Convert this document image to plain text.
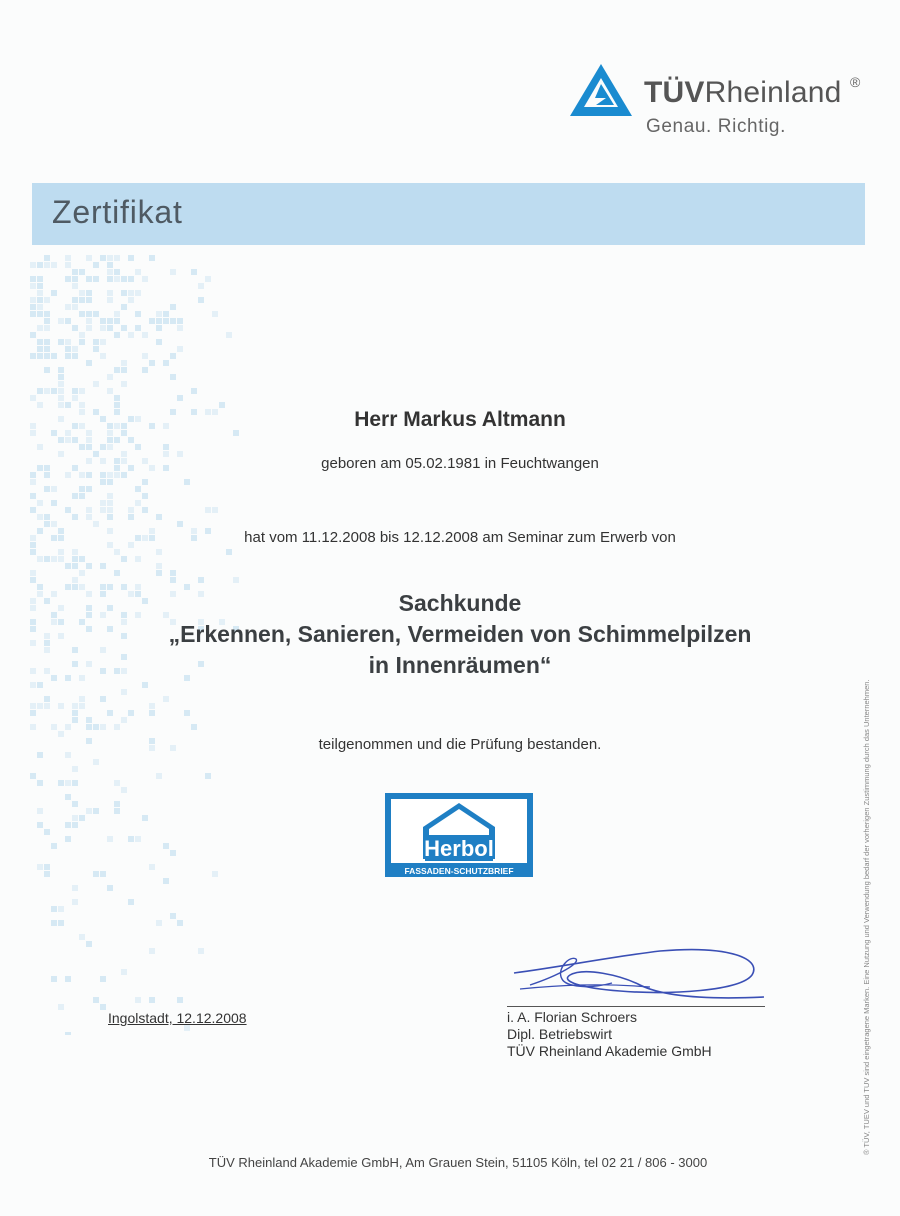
TÜVRheinland ®
Genau. Richtig.
Zertifikat
Herr Markus Altmann
geboren am 05.02.1981 in Feuchtwangen
hat vom 11.12.2008 bis 12.12.2008 am Seminar zum Erwerb von
Sachkunde
„Erkennen, Sanieren, Vermeiden von Schimmelpilzen
in Innenräumen“
teilgenommen und die Prüfung bestanden.
Herbol
FASSADEN-SCHUTZBRIEF
Ingolstadt, 12.12.2008	i. A. Florian Schroers
Dipl. Betriebswirt
TÜV Rheinland Akademie GmbH
TÜV Rheinland Akademie GmbH, Am Grauen Stein, 51105 Köln, tel 02 21 / 806 - 3000
® TÜV, TUEV und TUV sind eingetragene Marken. Eine Nutzung und Verwendung bedarf der vorherigen Zustimmung durch das Unternehmen.
